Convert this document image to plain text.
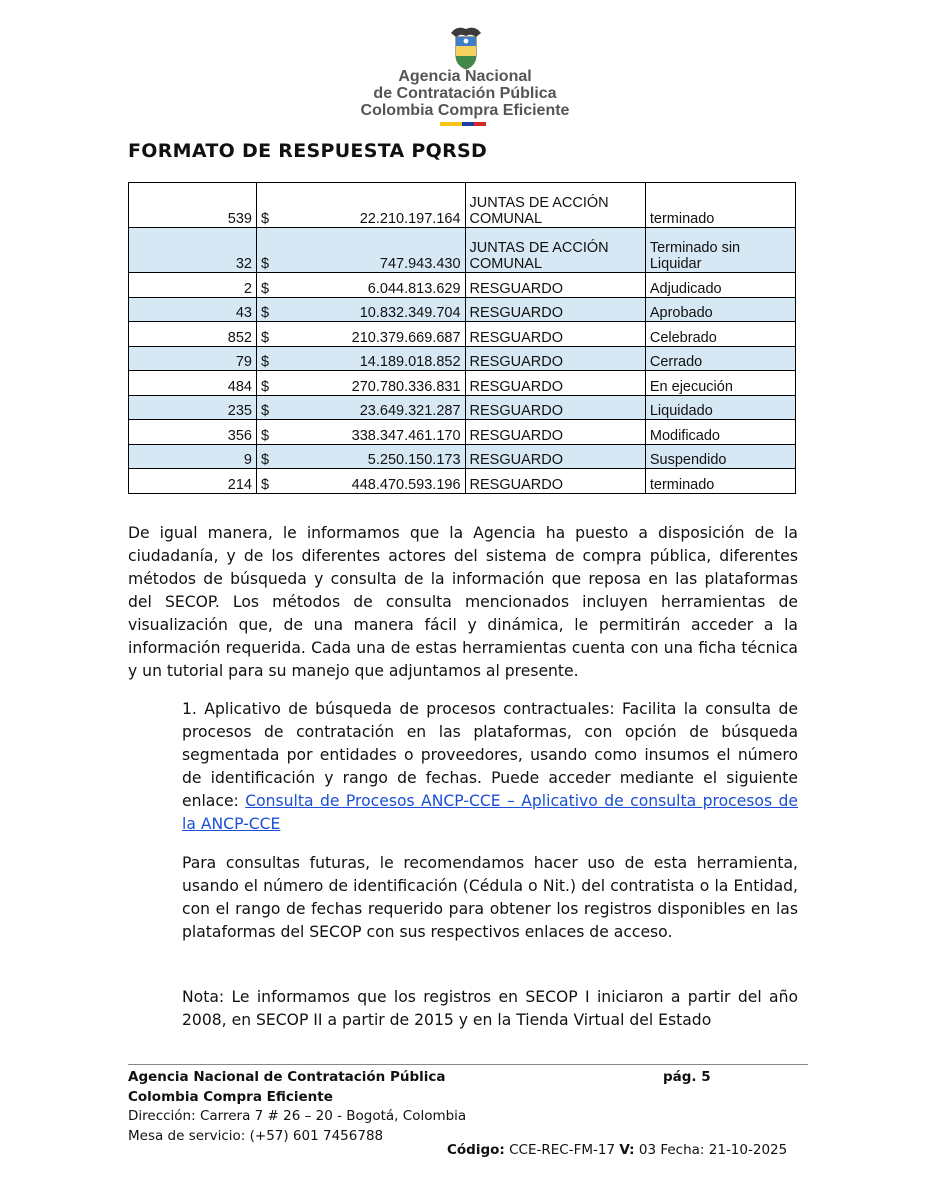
Agencia Nacional
de Contratación Pública
Colombia Compra Eficiente
FORMATO DE RESPUESTA PQRSD
539	$ 22.210.197.164	JUNTAS DE ACCIÓN COMUNAL	terminado
32	$ 747.943.430	JUNTAS DE ACCIÓN COMUNAL	Terminado sin Liquidar
2	$ 6.044.813.629	RESGUARDO	Adjudicado
43	$ 10.832.349.704	RESGUARDO	Aprobado
852	$ 210.379.669.687	RESGUARDO	Celebrado
79	$ 14.189.018.852	RESGUARDO	Cerrado
484	$ 270.780.336.831	RESGUARDO	En ejecución
235	$ 23.649.321.287	RESGUARDO	Liquidado
356	$ 338.347.461.170	RESGUARDO	Modificado
9	$ 5.250.150.173	RESGUARDO	Suspendido
214	$ 448.470.593.196	RESGUARDO	terminado
De igual manera, le informamos que la Agencia ha puesto a disposición de la ciudadanía, y de los diferentes actores del sistema de compra pública, diferentes métodos de búsqueda y consulta de la información que reposa en las plataformas del SECOP. Los métodos de consulta mencionados incluyen herramientas de visualización que, de una manera fácil y dinámica, le permitirán acceder a la información requerida. Cada una de estas herramientas cuenta con una ficha técnica y un tutorial para su manejo que adjuntamos al presente.
1. Aplicativo de búsqueda de procesos contractuales: Facilita la consulta de procesos de contratación en las plataformas, con opción de búsqueda segmentada por entidades o proveedores, usando como insumos el número de identificación y rango de fechas. Puede acceder mediante el siguiente enlace: Consulta de Procesos ANCP-CCE – Aplicativo de consulta procesos de la ANCP-CCE
Para consultas futuras, le recomendamos hacer uso de esta herramienta, usando el número de identificación (Cédula o Nit.) del contratista o la Entidad, con el rango de fechas requerido para obtener los registros disponibles en las plataformas del SECOP con sus respectivos enlaces de acceso.
Nota: Le informamos que los registros en SECOP I iniciaron a partir del año 2008, en SECOP II a partir de 2015 y en la Tienda Virtual del Estado
Agencia Nacional de Contratación Pública
Colombia Compra Eficiente
Dirección: Carrera 7 # 26 – 20 - Bogotá, Colombia
Mesa de servicio: (+57) 601 7456788
pág. 5
Código: CCE-REC-FM-17 V: 03 Fecha: 21-10-2025
